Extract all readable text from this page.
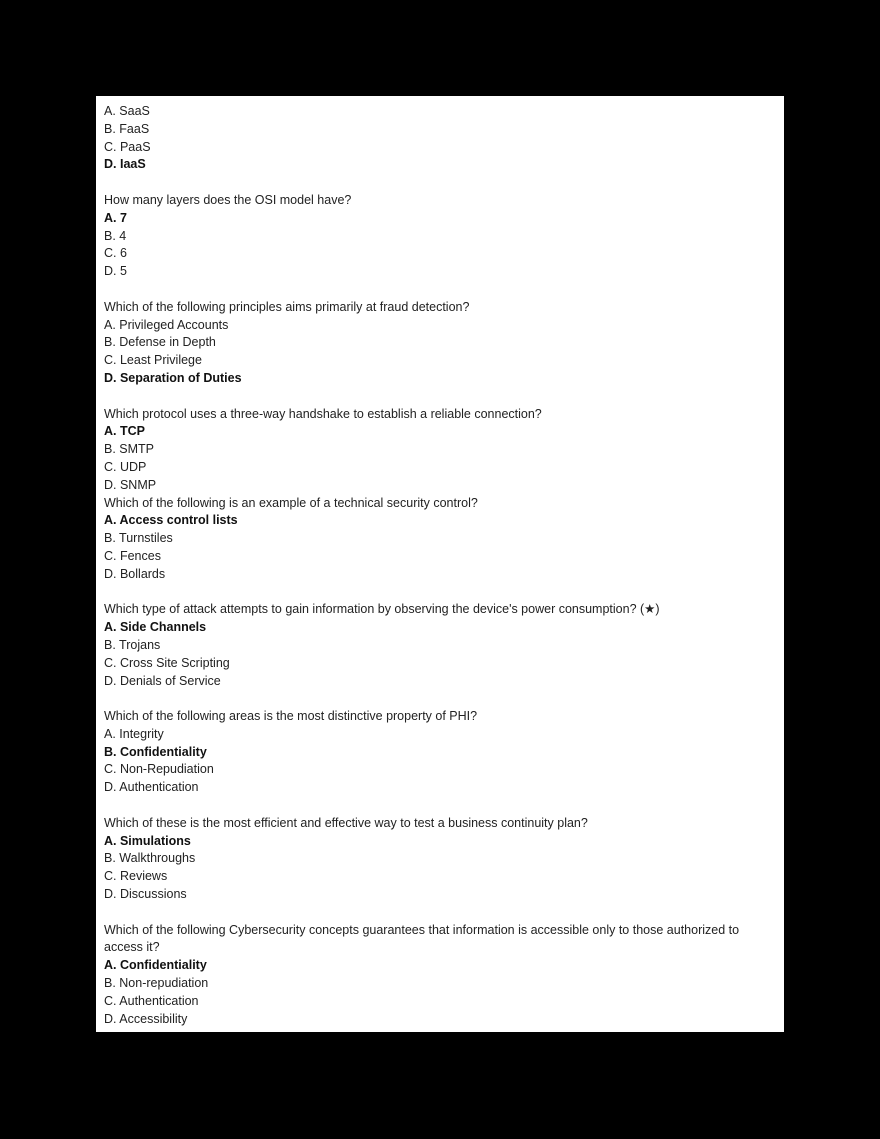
A. SaaS

B. FaaS

C. PaaS

D. IaaS

How many layers does the OSI model have?

A. 7

B. 4

C. 6

D. 5

Which of the following principles aims primarily at fraud detection?

A. Privileged Accounts

B. Defense in Depth

C. Least Privilege

D. Separation of Duties

Which protocol uses a three-way handshake to establish a reliable connection?

A. TCP

B. SMTP

C. UDP

D. SNMP

Which of the following is an example of a technical security control?

A. Access control lists

B. Turnstiles

C. Fences

D. Bollards

Which type of attack attempts to gain information by observing the device's power consumption? (★)

A. Side Channels

B. Trojans

C. Cross Site Scripting

D. Denials of Service

Which of the following areas is the most distinctive property of PHI?

A. Integrity

B. Confidentiality

C. Non-Repudiation

D. Authentication

Which of these is the most efficient and effective way to test a business continuity plan?

A. Simulations

B. Walkthroughs

C. Reviews

D. Discussions

Which of the following Cybersecurity concepts guarantees that information is accessible only to those authorized to access it?

A. Confidentiality

B. Non-repudiation

C. Authentication

D. Accessibility
